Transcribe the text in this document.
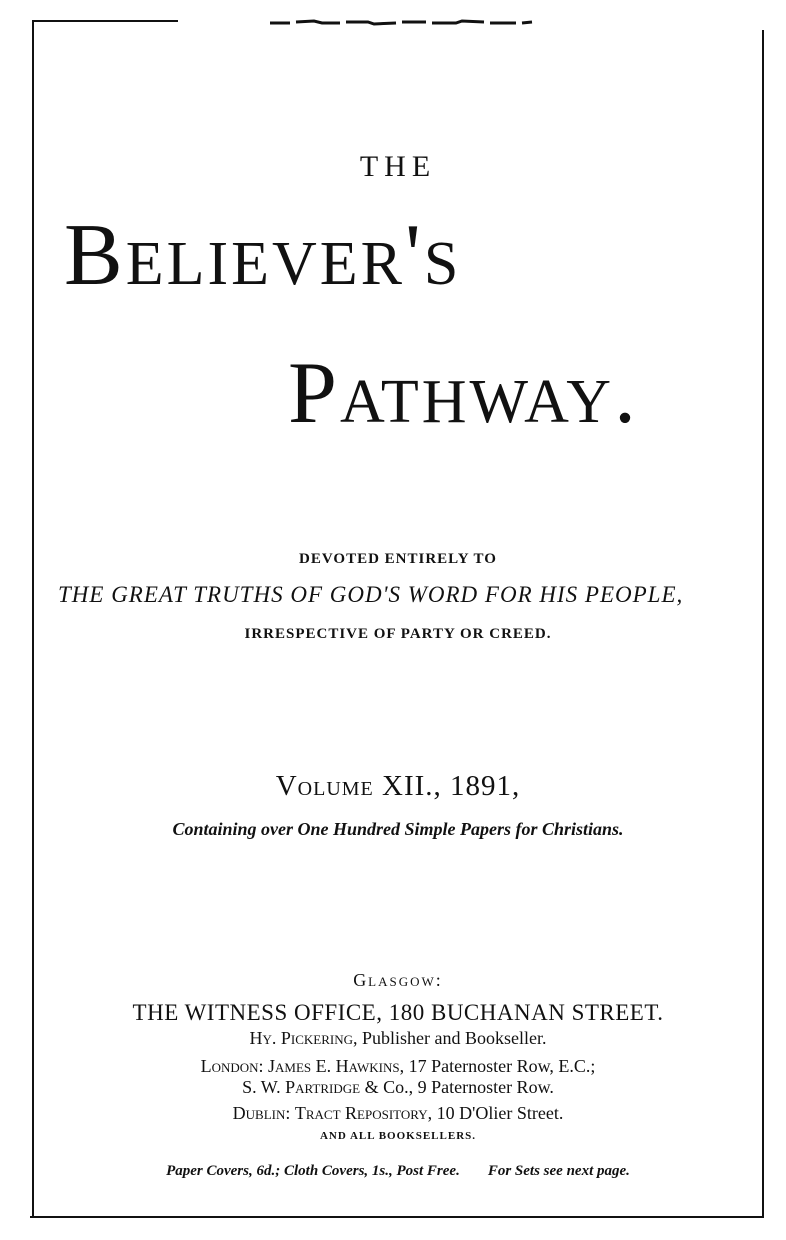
THE
Believer's
Pathway.
DEVOTED ENTIRELY TO
THE GREAT TRUTHS OF GOD'S WORD FOR HIS PEOPLE,
IRRESPECTIVE OF PARTY OR CREED.
Volume XII., 1891,
Containing over One Hundred Simple Papers for Christians.
Glasgow:
THE WITNESS OFFICE, 180 BUCHANAN STREET.
Hy. Pickering, Publisher and Bookseller.
London: James E. Hawkins, 17 Paternoster Row, E.C.;
S. W. Partridge & Co., 9 Paternoster Row.
Dublin: Tract Repository, 10 D'Olier Street.
AND ALL BOOKSELLERS.
Paper Covers, 6d.; Cloth Covers, 1s., Post Free. For Sets see next page.
